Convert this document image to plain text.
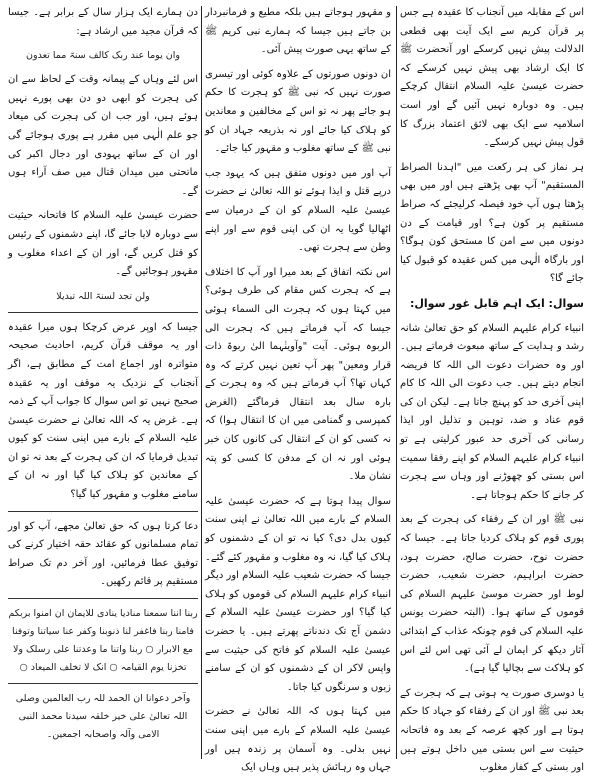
اس کے مقابلہ میں آنجناب کا عقیدہ ہے جس پر قرآن کریم سے ایک آیت بھی قطعی الدلالت پیش نہیں کرسکے اور آنحضرت ﷺ کا ایک ارشاد بھی پیش نہیں کرسکے کہ حضرت عیسیٰ علیہ السلام انتقال کرچکے ہیں۔ وہ دوبارہ نہیں آئیں گے اور است اسلامیہ سے ایک بھی لائق اعتماد بزرگ کا قول پیش نہیں کرسکے۔

ہر نماز کی ہر رکعت میں "اہدنا الصراط المستقیم" آپ بھی پڑھتے ہیں اور میں بھی پڑھتا ہوں آپ خود فیصلہ کرلیجئے کہ صراط مستقیم پر کون ہے؟ اور قیامت کے دن دونوں میں سے امن کا مستحق کون ہوگا؟ اور بارگاہ الٰہی میں کس عقیدہ کو قبول کیا جائے گا؟

سوال: ایک اہم قابل غور سوال:

انبیاء کرام علیہم السلام کو حق تعالیٰ شانہ رشد و ہدایت کے ساتھ مبعوث فرماتے ہیں۔ اور وہ حضرات دعوت الی اللہ کا فریضہ انجام دیتے ہیں۔ جب دعوت الی اللہ کا کام اپنی آخری حد کو پہنچ جاتا ہے۔ لیکن ان کی قوم عناد و ضد، توہین و تذلیل اور ایذا رسانی کی آخری حد عبور کرلیتی ہے تو انبیاء کرام علیہم السلام کو اپنے رفقا سمیت اس بستی کو چھوڑنے اور وہاں سے ہجرت کر جانے کا حکم ہوجاتا ہے۔

نبی ﷺ اور ان کے رفقاء کی ہجرت کے بعد پوری قوم کو ہلاک کردیا جاتا ہے۔ جیسا کہ حضرت نوح، حضرت صالح، حضرت ہود، حضرت ابراہیم، حضرت شعیب، حضرت لوط اور حضرت موسیٰ علیہم السلام کی قوموں کے ساتھ ہوا۔ (البتہ حضرت یونس علیہ السلام کی قوم چونکہ عذاب کے ابتدائی آثار دیکھ کر ایمان لے آئی تھی اس لئے اس کو ہلاکت سے بچالیا گیا ہے)۔

یا دوسری صورت یہ ہوتی ہے کہ ہجرت کے بعد نبی ﷺ اور ان کے رفقاء کو جہاد کا حکم ہوتا ہے اور کچھ عرصہ کے بعد وہ فاتحانہ حیثیت سے اس بستی میں داخل ہوتے ہیں اور بستی کے کفار مغلوب

و مقہور ہوجاتے ہیں بلکہ مطیع و فرمانبردار بن جاتے ہیں جیسا کہ ہمارے نبی کریم ﷺ کے ساتھ یہی صورت پیش آئی۔

ان دونوں صورتوں کے علاوہ کوئی اور تیسری صورت نہیں کہ نبی ﷺ کو ہجرت کا حکم ہو جائے پھر نہ تو اس کے مخالفین و معاندین کو ہلاک کیا جائے اور نہ بذریعہ جہاد ان کو نبی ﷺ کے ساتھ مغلوب و مقہور کیا جائے۔

آپ اور میں دونوں متفق ہیں کہ یہود جب درپے قتل و ایذا ہوئے تو اللہ تعالیٰ نے حضرت عیسیٰ علیہ السلام کو ان کے درمیان سے اٹھالیا گویا یہ ان کی اپنی قوم سے اور اپنے وطن سے ہجرت تھی۔

اس نکتہ اتفاق کے بعد میرا اور آپ کا اختلاف ہے کہ ہجرت کس مقام کی طرف ہوئی؟ میں کہتا ہوں کہ ہجرت الی السماء ہوئی جیسا کہ آپ فرماتے ہیں کہ ہجرت الی الربوہ ہوئی۔ آیت "وآوینٰہما الیٰ ربوۃ ذات قرار ومعین" پھر آپ تعین نہیں کرتے کہ وہ کہاں تھا؟ آپ فرماتے ہیں کہ وہ ہجرت کے بارہ سال بعد انتقال فرماگئے (الغرض کمپرسی و گمنامی میں ان کا انتقال ہوا) کہ نہ کسی کو ان کے انتقال کی کانوں کان خبر ہوئی اور نہ ان کے مدفن کا کسی کو پتہ نشان ملا۔

سوال پیدا ہوتا ہے کہ حضرت عیسیٰ علیہ السلام کے بارے میں اللہ تعالیٰ نے اپنی سنت کیوں بدل دی؟ کیا نہ تو ان کے دشمنوں کو ہلاک کیا گیا، نہ وہ مغلوب و مقہور کئے گئے۔ جیسا کہ حضرت شعیب علیہ السلام اور دیگر انبیاء کرام علیہم السلام کی قوموں کو ہلاک کیا گیا؟ اور حضرت عیسیٰ علیہ السلام کے دشمن آج تک دندناتے پھرتے ہیں۔ یا حضرت عیسیٰ علیہ السلام کو فاتح کی حیثیت سے واپس لاکر ان کے دشمنوں کو ان کے سامنے زبوں و سرنگوں کیا جاتا۔

میں کہتا ہوں کہ اللہ تعالیٰ نے حضرت عیسیٰ علیہ السلام کے بارے میں اپنی سنت نہیں بدلی۔ وہ آسمان پر زندہ ہیں اور جہاں وہ رہائش پذیر ہیں وہاں ایک

دن ہمارے ایک ہزار سال کے برابر ہے۔ جیسا کہ قرآن مجید میں ارشاد ہے:

وان یوما عند ربک کالف سنۃ مما تعدون

اس لئے وہاں کے پیمانہ وقت کے لحاظ سے ان کی ہجرت کو ابھی دو دن بھی پورے نہیں ہوئے ہیں، اور جب ان کی ہجرت کی میعاد جو علم الٰہی میں مقرر ہے پوری ہوجائے گی اور ان کے ساتھ یہودی اور دجال اکبر کی ماتحتی میں میدان قتال میں صف آراء ہوں گے۔

حضرت عیسیٰ علیہ السلام کا فاتحانہ حیثیت سے دوبارہ لایا جائے گا، اپنے دشمنوں کے رئیس کو قتل کریں گے، اور ان کے اعداء مغلوب و مقہور ہوجائیں گے۔

ولن تجد لسنۃ اللہ تبدیلا

جیسا کہ اوپر عرض کرچکا ہوں میرا عقیدہ اور یہ موقف قرآن کریم، احادیث صحیحہ متواترہ اور اجماع امت کے مطابق ہے، اگر آنجناب کے نزدیک یہ موقف اور یہ عقیدہ صحیح نہیں تو اس سوال کا جواب آپ کے ذمہ ہے۔ غرض یہ کہ اللہ تعالیٰ نے حضرت عیسیٰ علیہ السلام کے بارے میں اپنی سنت کو کیوں تبدیل فرمایا کہ ان کی ہجرت کے بعد نہ تو ان کے معاندین کو ہلاک کیا گیا اور نہ ان کے سامنے مغلوب و مقہور کیا گیا؟

دعا کرتا ہوں کہ حق تعالیٰ مجھے، آپ کو اور تمام مسلمانوں کو عقائد حقہ اختیار کرنے کی توفیق عطا فرمائیں، اور آخر دم تک صراط مستقیم پر قائم رکھیں۔

ربنا اننا سمعنا منادیا ینادی للایمان ان امنوا بربکم فامنا ربنا فاغفر لنا ذنوبنا وکفر عنا سیاتنا وتوفنا مع الابرار ○ ربنا واتنا ما وعدتنا علی رسلک ولا تخزنا یوم القیامہ ○ انک لا تخلف المیعاد ○

وآخر دعوانا ان الحمد للہ رب العالمین وصلی اللہ تعالیٰ علی خیر خلقہ سیدنا محمد النبی الامی وآلہ واصحابہ اجمعین۔
